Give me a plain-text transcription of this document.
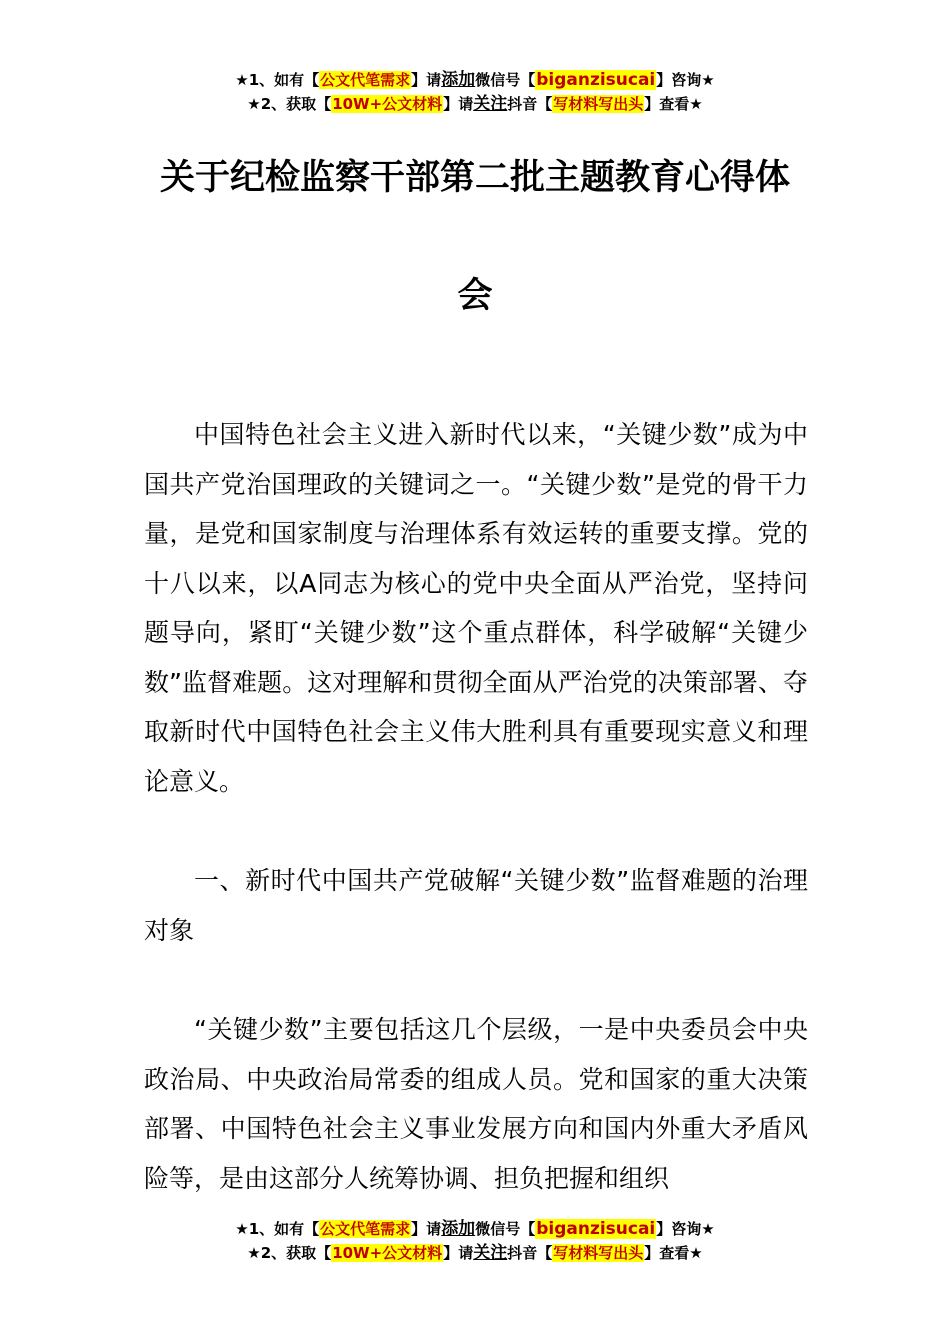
★1、如有【公文代笔需求】请添加微信号【biganzisucai】咨询★
★2、获取【10W+公文材料】请关注抖音【写材料写出头】查看★
关于纪检监察干部第二批主题教育心得体
会

中国特色社会主义进入新时代以来，“关键少数”成为中国共产党治国理政的关键词之一。“关键少数”是党的骨干力量，是党和国家制度与治理体系有效运转的重要支撑。党的十八以来，以A同志为核心的党中央全面从严治党，坚持问题导向，紧盯“关键少数”这个重点群体，科学破解“关键少数”监督难题。这对理解和贯彻全面从严治党的决策部署、夺取新时代中国特色社会主义伟大胜利具有重要现实意义和理论意义。

一、新时代中国共产党破解“关键少数”监督难题的治理对象

“关键少数”主要包括这几个层级，一是中央委员会中央政治局、中央政治局常委的组成人员。党和国家的重大决策部署、中国特色社会主义事业发展方向和国内外重大矛盾风险等，是由这部分人统筹协调、担负把握和组织

★1、如有【公文代笔需求】请添加微信号【biganzisucai】咨询★
★2、获取【10W+公文材料】请关注抖音【写材料写出头】查看★
